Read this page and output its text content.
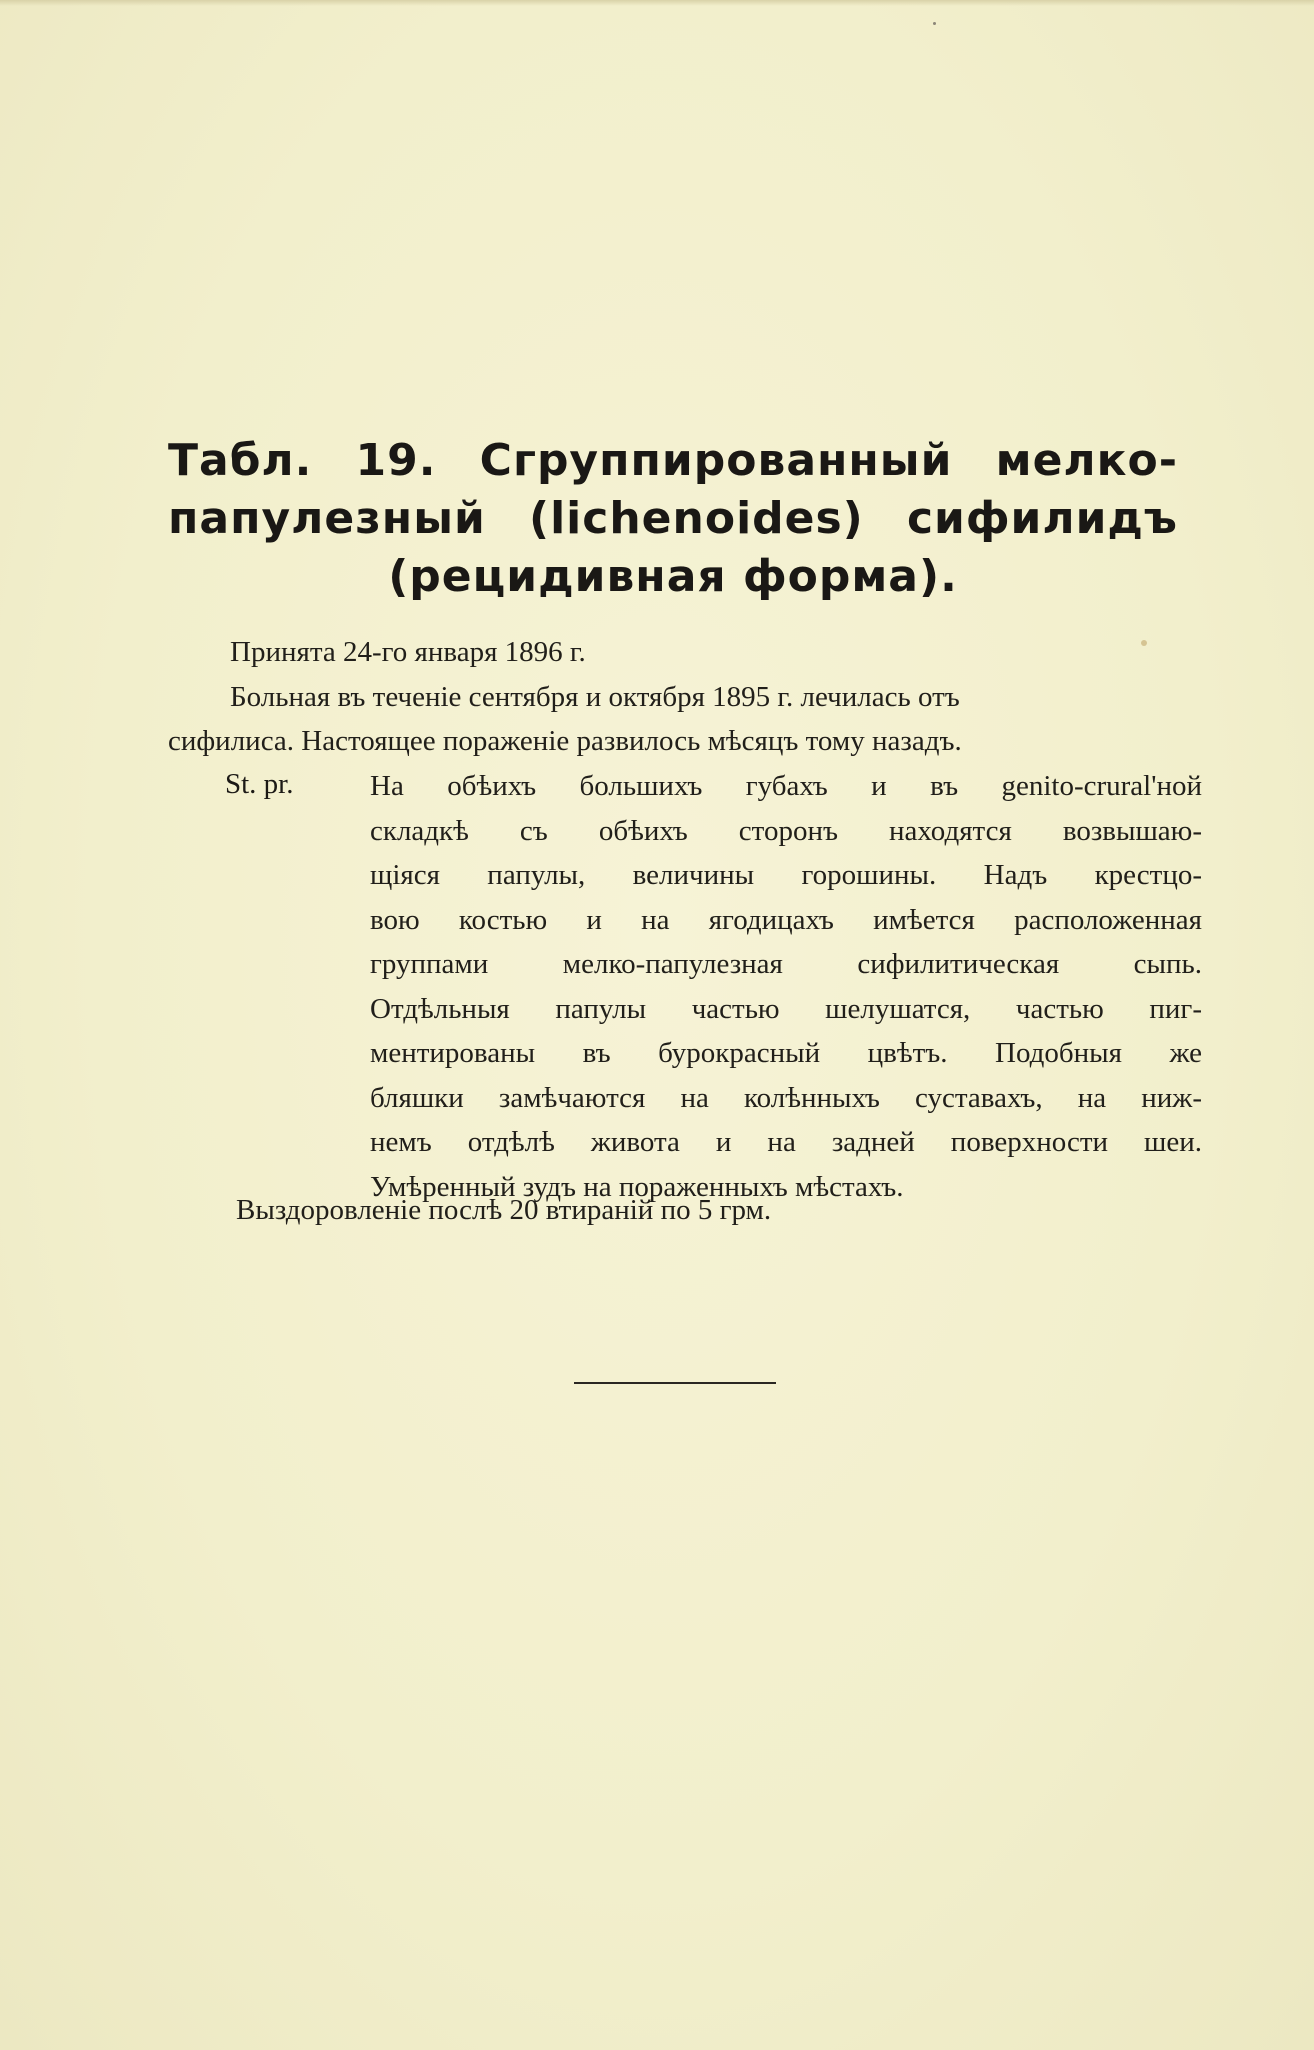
Табл. 19. Сгруппированный мелко-папулезный (lichenoides) сифилидъ (рецидивная форма).
Принята 24-го января 1896 г.
Больная въ теченіе сентября и октября 1895 г. лечилась отъ
сифилиса. Настоящее пораженіе развилось мѣсяцъ тому назадъ.
St. pr.	На обѣихъ большихъ губахъ и въ genito-crural'ной
складкѣ съ обѣихъ сторонъ находятся возвышаю-
щіяся папулы, величины горошины. Надъ крестцо-
вою костью и на ягодицахъ имѣется расположенная
группами мелко-папулезная сифилитическая сыпь.
Отдѣльныя папулы частью шелушатся, частью пиг-
ментированы въ бурокрасный цвѣтъ. Подобныя же
бляшки замѣчаются на колѣнныхъ суставахъ, на ниж-
немъ отдѣлѣ живота и на задней поверхности шеи.
Умѣренный зудъ на пораженныхъ мѣстахъ.
Выздоровленіе послѣ 20 втираній по 5 грм.
